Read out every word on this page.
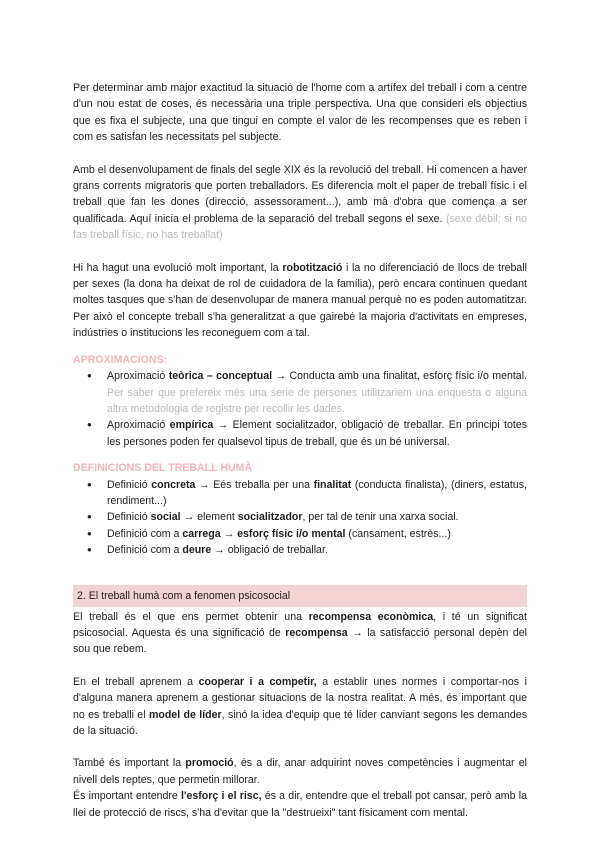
Per determinar amb major exactitud la situació de l'home com a artífex del treball i com a centre d'un nou estat de coses, és necessària una triple perspectiva. Una que consideri els objectius que es fixa el subjecte, una que tingui en compte el valor de les recompenses que es reben i com es satisfan les necessitats pel subjecte.

Amb el desenvolupament de finals del segle XIX és la revolució del treball. Hi comencen a haver grans corrents migratoris que porten treballadors. Es diferencia molt el paper de treball físic i el treball que fan les dones (direcció, assessorament...), amb mà d'obra que comença a ser qualificada. Aquí inicia el problema de la separació del treball segons el sexe. (sexe dèbil; si no fas treball físic, no has treballat)

Hi ha hagut una evolució molt important, la robotització i la no diferenciació de llocs de treball per sexes (la dona ha deixat de rol de cuidadora de la família), però encara continuen quedant moltes tasques que s'han de desenvolupar de manera manual perquè no es poden automatitzar. Per això el concepte treball s'ha generalitzat a que gairebé la majoria d'activitats en empreses, indústries o institucions les reconeguem com a tal.

APROXIMACIONS:
● Aproximació teòrica – conceptual → Conducta amb una finalitat, esforç físic i/o mental. Per saber que prefereix més una serie de persones utilitzariem una enquesta o alguna altra metodologia de registre per recollir les dades.
● Aproximació empírica → Element socialitzador, obligació de treballar. En principi totes les persones poden fer qualsevol tipus de treball, que és un bé universal.
DEFINICIONS DEL TREBALL HUMÀ
● Definició concreta → Eés treballa per una finalitat (conducta finalista), (diners, estatus, rendiment...)
● Definició social → element socialitzador, per tal de tenir una xarxa social.
● Definició com a carrega → esforç físic i/o mental (cansament, estrès...)
● Definició com a deure → obligació de treballar.
2. El treball humà com a fenomen psicosocial

El treball és el que ens permet obtenir una recompensa econòmica, i té un significat psicosocial. Aquesta és una significació de recompensa → la satisfacció personal depèn del sou que rebem.

En el treball aprenem a cooperar i a competir, a establir unes normes i comportar-nos i d'alguna manera aprenem a gestionar situacions de la nostra realitat. A més, és important que no es treballi el model de líder, sinó la idea d'equip que té líder canviant segons les demandes de la situació.

També és important la promoció, és a dir, anar adquirint noves competències i augmentar el nivell dels reptes, que permetin millorar.

És important entendre l'esforç i el risc, és a dir, entendre que el treball pot cansar, però amb la llei de protecció de riscs, s'ha d'evitar que la "destrueixi" tant físicament com mental.
